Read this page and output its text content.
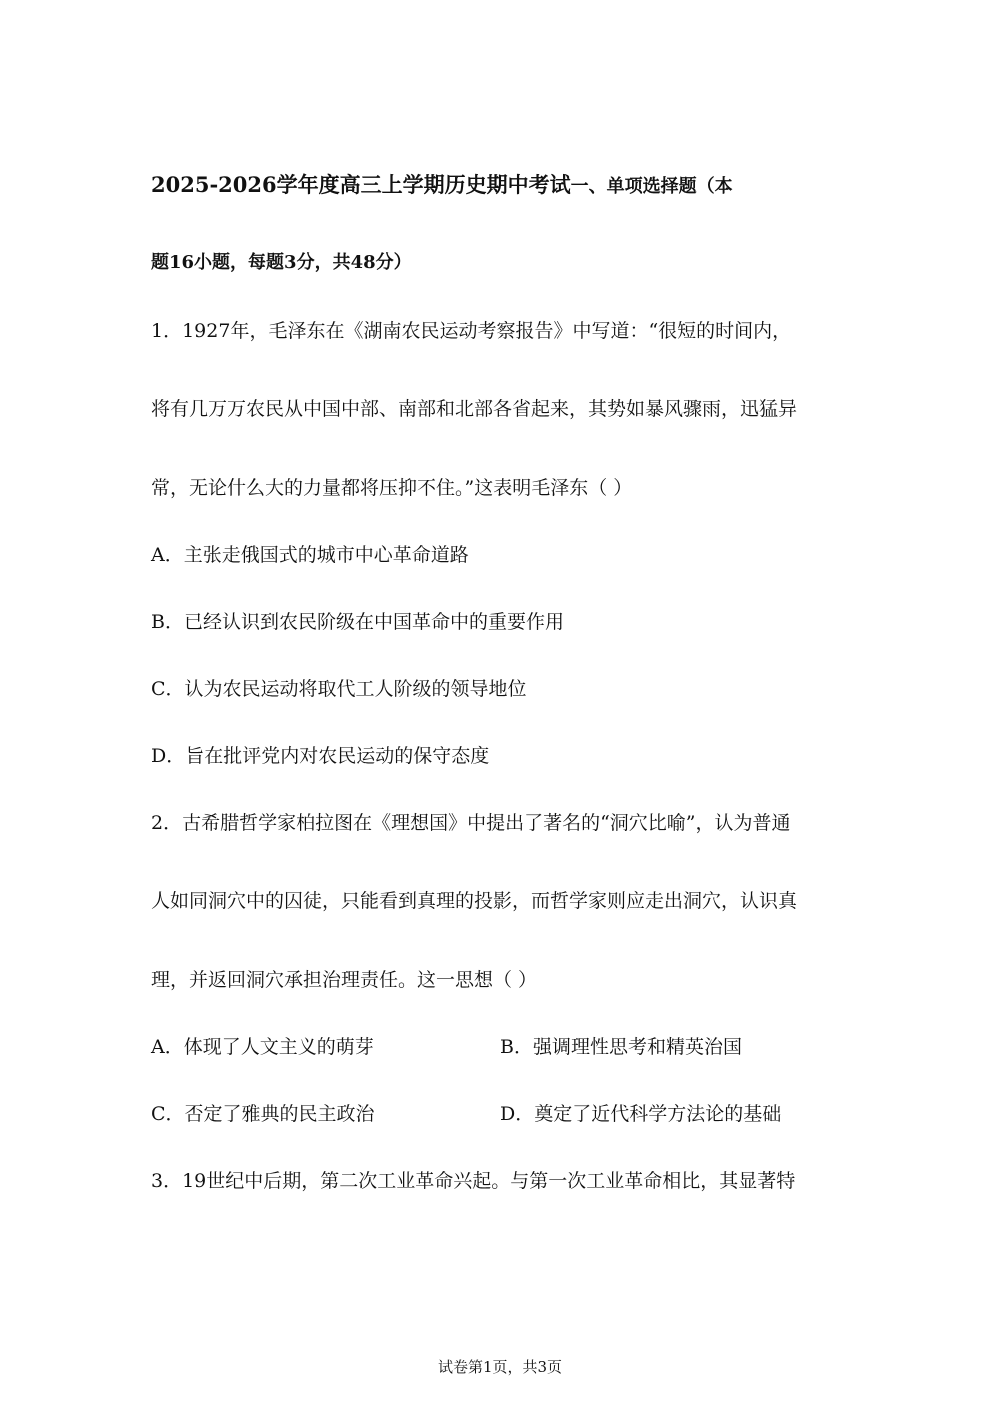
2025-2026学年度高三上学期历史期中考试一、单项选择题（本
题16小题，每题3分，共48分）
1．1927年，毛泽东在《湖南农民运动考察报告》中写道：“很短的时间内，
将有几万万农民从中国中部、南部和北部各省起来，其势如暴风骤雨，迅猛异
常，无论什么大的力量都将压抑不住。”这表明毛泽东（ ）
A．主张走俄国式的城市中心革命道路
B．已经认识到农民阶级在中国革命中的重要作用
C．认为农民运动将取代工人阶级的领导地位
D．旨在批评党内对农民运动的保守态度
2．古希腊哲学家柏拉图在《理想国》中提出了著名的“洞穴比喻”，认为普通
人如同洞穴中的囚徒，只能看到真理的投影，而哲学家则应走出洞穴，认识真
理，并返回洞穴承担治理责任。这一思想（ ）
A．体现了人文主义的萌芽	B．强调理性思考和精英治国
C．否定了雅典的民主政治	D．奠定了近代科学方法论的基础
3．19世纪中后期，第二次工业革命兴起。与第一次工业革命相比，其显著特
试卷第1页，共3页
